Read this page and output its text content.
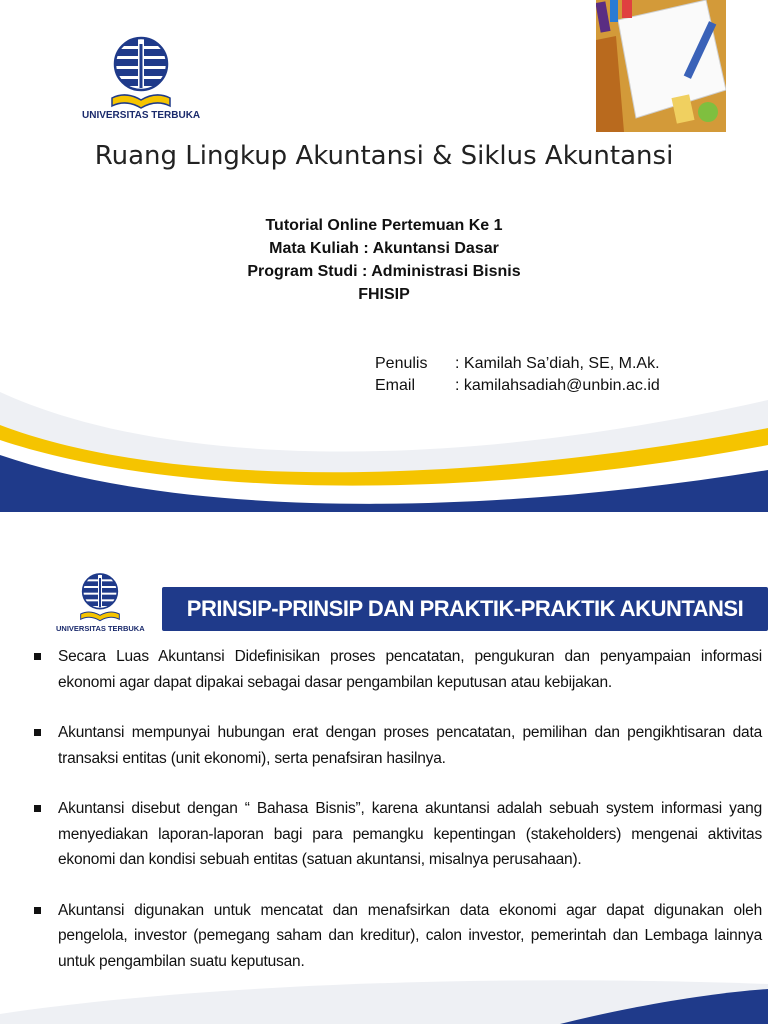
UNIVERSITAS TERBUKA
Ruang Lingkup Akuntansi & Siklus Akuntansi
Tutorial Online Pertemuan Ke 1
Mata Kuliah : Akuntansi Dasar
Program Studi : Administrasi Bisnis
FHISIP
Penulis : Kamilah Sa’diah, SE, M.Ak.
Email : kamilahsadiah@unbin.ac.id
UNIVERSITAS TERBUKA
PRINSIP-PRINSIP DAN PRAKTIK-PRAKTIK AKUNTANSI
Secara Luas Akuntansi Didefinisikan proses pencatatan, pengukuran dan penyampaian informasi ekonomi agar dapat dipakai sebagai dasar pengambilan keputusan atau kebijakan.
Akuntansi mempunyai hubungan erat dengan proses pencatatan, pemilihan dan pengikhtisaran data transaksi entitas (unit ekonomi), serta penafsiran hasilnya.
Akuntansi disebut dengan “ Bahasa Bisnis”, karena akuntansi adalah sebuah system informasi yang menyediakan laporan-laporan bagi para pemangku kepentingan (stakeholders) mengenai aktivitas ekonomi dan kondisi sebuah entitas (satuan akuntansi, misalnya perusahaan).
Akuntansi digunakan untuk mencatat dan menafsirkan data ekonomi agar dapat digunakan oleh pengelola, investor (pemegang saham dan kreditur), calon investor, pemerintah dan Lembaga lainnya untuk pengambilan suatu keputusan.
